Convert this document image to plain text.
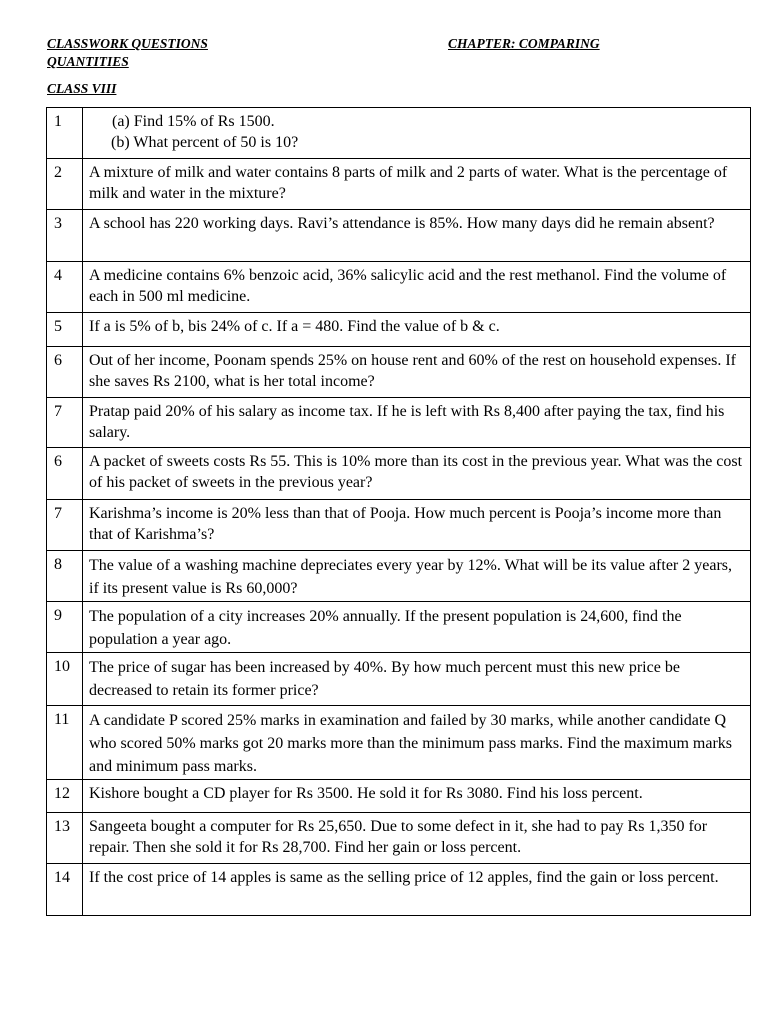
CLASSWORK QUESTIONS	CHAPTER: COMPARING
QUANTITIES
CLASS VIII
1	(a) Find 15% of Rs 1500.
(b) What percent of 50 is 10?

2	A mixture of milk and water contains 8 parts of milk and 2 parts of water. What is the percentage of milk and water in the mixture?
3	A school has 220 working days. Ravi’s attendance is 85%. How many days did he remain absent?
4	A medicine contains 6% benzoic acid, 36% salicylic acid and the rest methanol. Find the volume of each in 500 ml medicine.
5	If a is 5% of b, bis 24% of c. If a = 480. Find the value of b & c.
6	Out of her income, Poonam spends 25% on house rent and 60% of the rest on household expenses. If she saves Rs 2100, what is her total income?
7	Pratap paid 20% of his salary as income tax. If he is left with Rs 8,400 after paying the tax, find his salary.
6	A packet of sweets costs Rs 55. This is 10% more than its cost in the previous year. What was the cost of his packet of sweets in the previous year?
7	Karishma’s income is 20% less than that of Pooja. How much percent is Pooja’s income more than that of Karishma’s?
8	The value of a washing machine depreciates every year by 12%. What will be its value after 2 years, if its present value is Rs 60,000?
9	The population of a city increases 20% annually. If the present population is 24,600, find the population a year ago.
10	The price of sugar has been increased by 40%. By how much percent must this new price be decreased to retain its former price?
11	A candidate P scored 25% marks in examination and failed by 30 marks, while another candidate Q who scored 50% marks got 20 marks more than the minimum pass marks. Find the maximum marks and minimum pass marks.
12	Kishore bought a CD player for Rs 3500. He sold it for Rs 3080. Find his loss percent.
13	Sangeeta bought a computer for Rs 25,650. Due to some defect in it, she had to pay Rs 1,350 for repair. Then she sold it for Rs 28,700. Find her gain or loss percent.
14	If the cost price of 14 apples is same as the selling price of 12 apples, find the gain or loss percent.
